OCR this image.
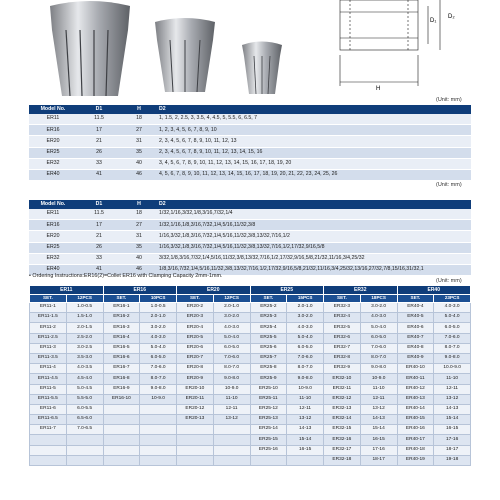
D₁
D₂
H
(Unit: mm)
Model No.	D1	H	D2
ER11	11.5	18	1, 1.5, 2, 2.5, 3, 3.5, 4, 4.5, 5, 5.5, 6, 6.5, 7
ER16	17	27	1, 2, 3, 4, 5, 6, 7, 8, 9, 10
ER20	21	31	2, 3, 4, 5, 6, 7, 8, 9, 10, 11, 12, 13
ER25	26	35	2, 3, 4, 5, 6, 7, 8, 9, 10, 11, 12, 13, 14, 15, 16
ER32	33	40	3, 4, 5, 6, 7, 8, 9, 10, 11, 12, 13, 14, 15, 16, 17, 18, 19, 20
ER40	41	46	4, 5, 6, 7, 8, 9, 10, 11, 12, 13, 14, 15, 16, 17, 18, 19, 20, 21, 22, 23, 24, 25, 26
(Unit: mm)
Model No.	D1	H	D2
ER11	11.5	18	1/32,1/16,3/32,1/8,3/16,7/32,1/4
ER16	17	27	1/32,1/16,1/8,3/16,7/32,1/4,5/16,11/32,3/8
ER20	21	31	1/16,3/32,1/8,3/16,7/32,1/4,5/16,11/32,3/8,13/32,7/16,1/2
ER25	26	35	1/16,3/32,1/8,3/16,7/32,1/4,5/16,11/32,3/8,13/32,7/16,1/2,17/32,9/16,5/8
ER32	33	40	3/32,1/8,3/16,7/32,1/4,5/16,11/32,3/8,13/32,7/16,1/2,17/32,9/16,5/8,21/32,11/16,3/4,25/32
ER40	41	46	1/8,3/16,7/32,1/4,5/16,11/32,3/8,13/32,7/16,1/2,17/32,9/16,5/8,21/32,11/16,3/4,25/32,13/16,27/32,7/8,15/16,31/32,1
• Ordering Instructions:ER16(2)=Collet ER16 with Clamping Capacity 2mm-1mm.
(Unit: mm)
ER11		ER16		ER20		ER25		ER32		ER40	
SET.	12PCS	SET.	10PCS	SET.	12PCS	SET.	15PCS	SET.	18PCS	SET.	23PCS
ER11-1	1.0-0.5	ER16-1	1.0-0.5	ER20-2	2.0-1.0	ER25-2	2.0-1.0	ER32-3	3.0-2.0	ER40-4	4.0-3.0
ER11-1.5	1.5-1.0	ER16-2	2.0-1.0	ER20-3	3.0-2.0	ER25-3	3.0-2.0	ER32-4	4.0-3.0	ER40-5	5.0-4.0
ER11-2	2.0-1.5	ER16-3	3.0-2.0	ER20-4	4.0-3.0	ER25-4	4.0-3.0	ER32-5	5.0-4.0	ER40-6	6.0-5.0
ER11-2.5	2.5-2.0	ER16-4	4.0-3.0	ER20-5	5.0-4.0	ER25-5	5.0-4.0	ER32-6	6.0-5.0	ER40-7	7.0-6.0
ER11-3	3.0-2.5	ER16-5	5.0-4.0	ER20-6	6.0-5.0	ER25-6	6.0-5.0	ER32-7	7.0-6.0	ER40-8	8.0-7.0
ER11-3.5	3.5-3.0	ER16-6	6.0-5.0	ER20-7	7.0-6.0	ER25-7	7.0-6.0	ER32-8	8.0-7.0	ER40-9	9.0-8.0
ER11-4	4.0-3.5	ER16-7	7.0-6.0	ER20-8	8.0-7.0	ER25-8	8.0-7.0	ER32-9	9.0-8.0	ER40-10	10.0-9.0
ER11-4.5	4.5-4.0	ER16-8	8.0-7.0	ER20-9	9.0-8.0	ER25-9	9.0-8.0	ER32-10	10-9.0	ER40-11	11-10
ER11-5	5.0-4.5	ER16-9	9.0-8.0	ER20-10	10-9.0	ER25-10	10-9.0	ER32-11	11-10	ER40-12	12-11
ER11-5.5	5.5-5.0	ER16-10	10-9.0	ER20-11	11-10	ER25-11	11-10	ER32-12	12-11	ER40-13	13-12
ER11-6	6.0-5.5			ER20-12	12-11	ER25-12	12-11	ER32-13	13-12	ER40-14	14-13
ER11-6.5	6.5-6.0			ER20-13	13-12	ER25-13	13-12	ER32-14	14-13	ER40-15	15-14
ER11-7	7.0-6.5					ER25-14	14-13	ER32-15	15-14	ER40-16	16-15
						ER25-15	15-14	ER32-16	16-15	ER40-17	17-16
						ER25-16	16-15	ER32-17	17-16	ER40-18	18-17
								ER32-18	18-17	ER40-19	19-18
